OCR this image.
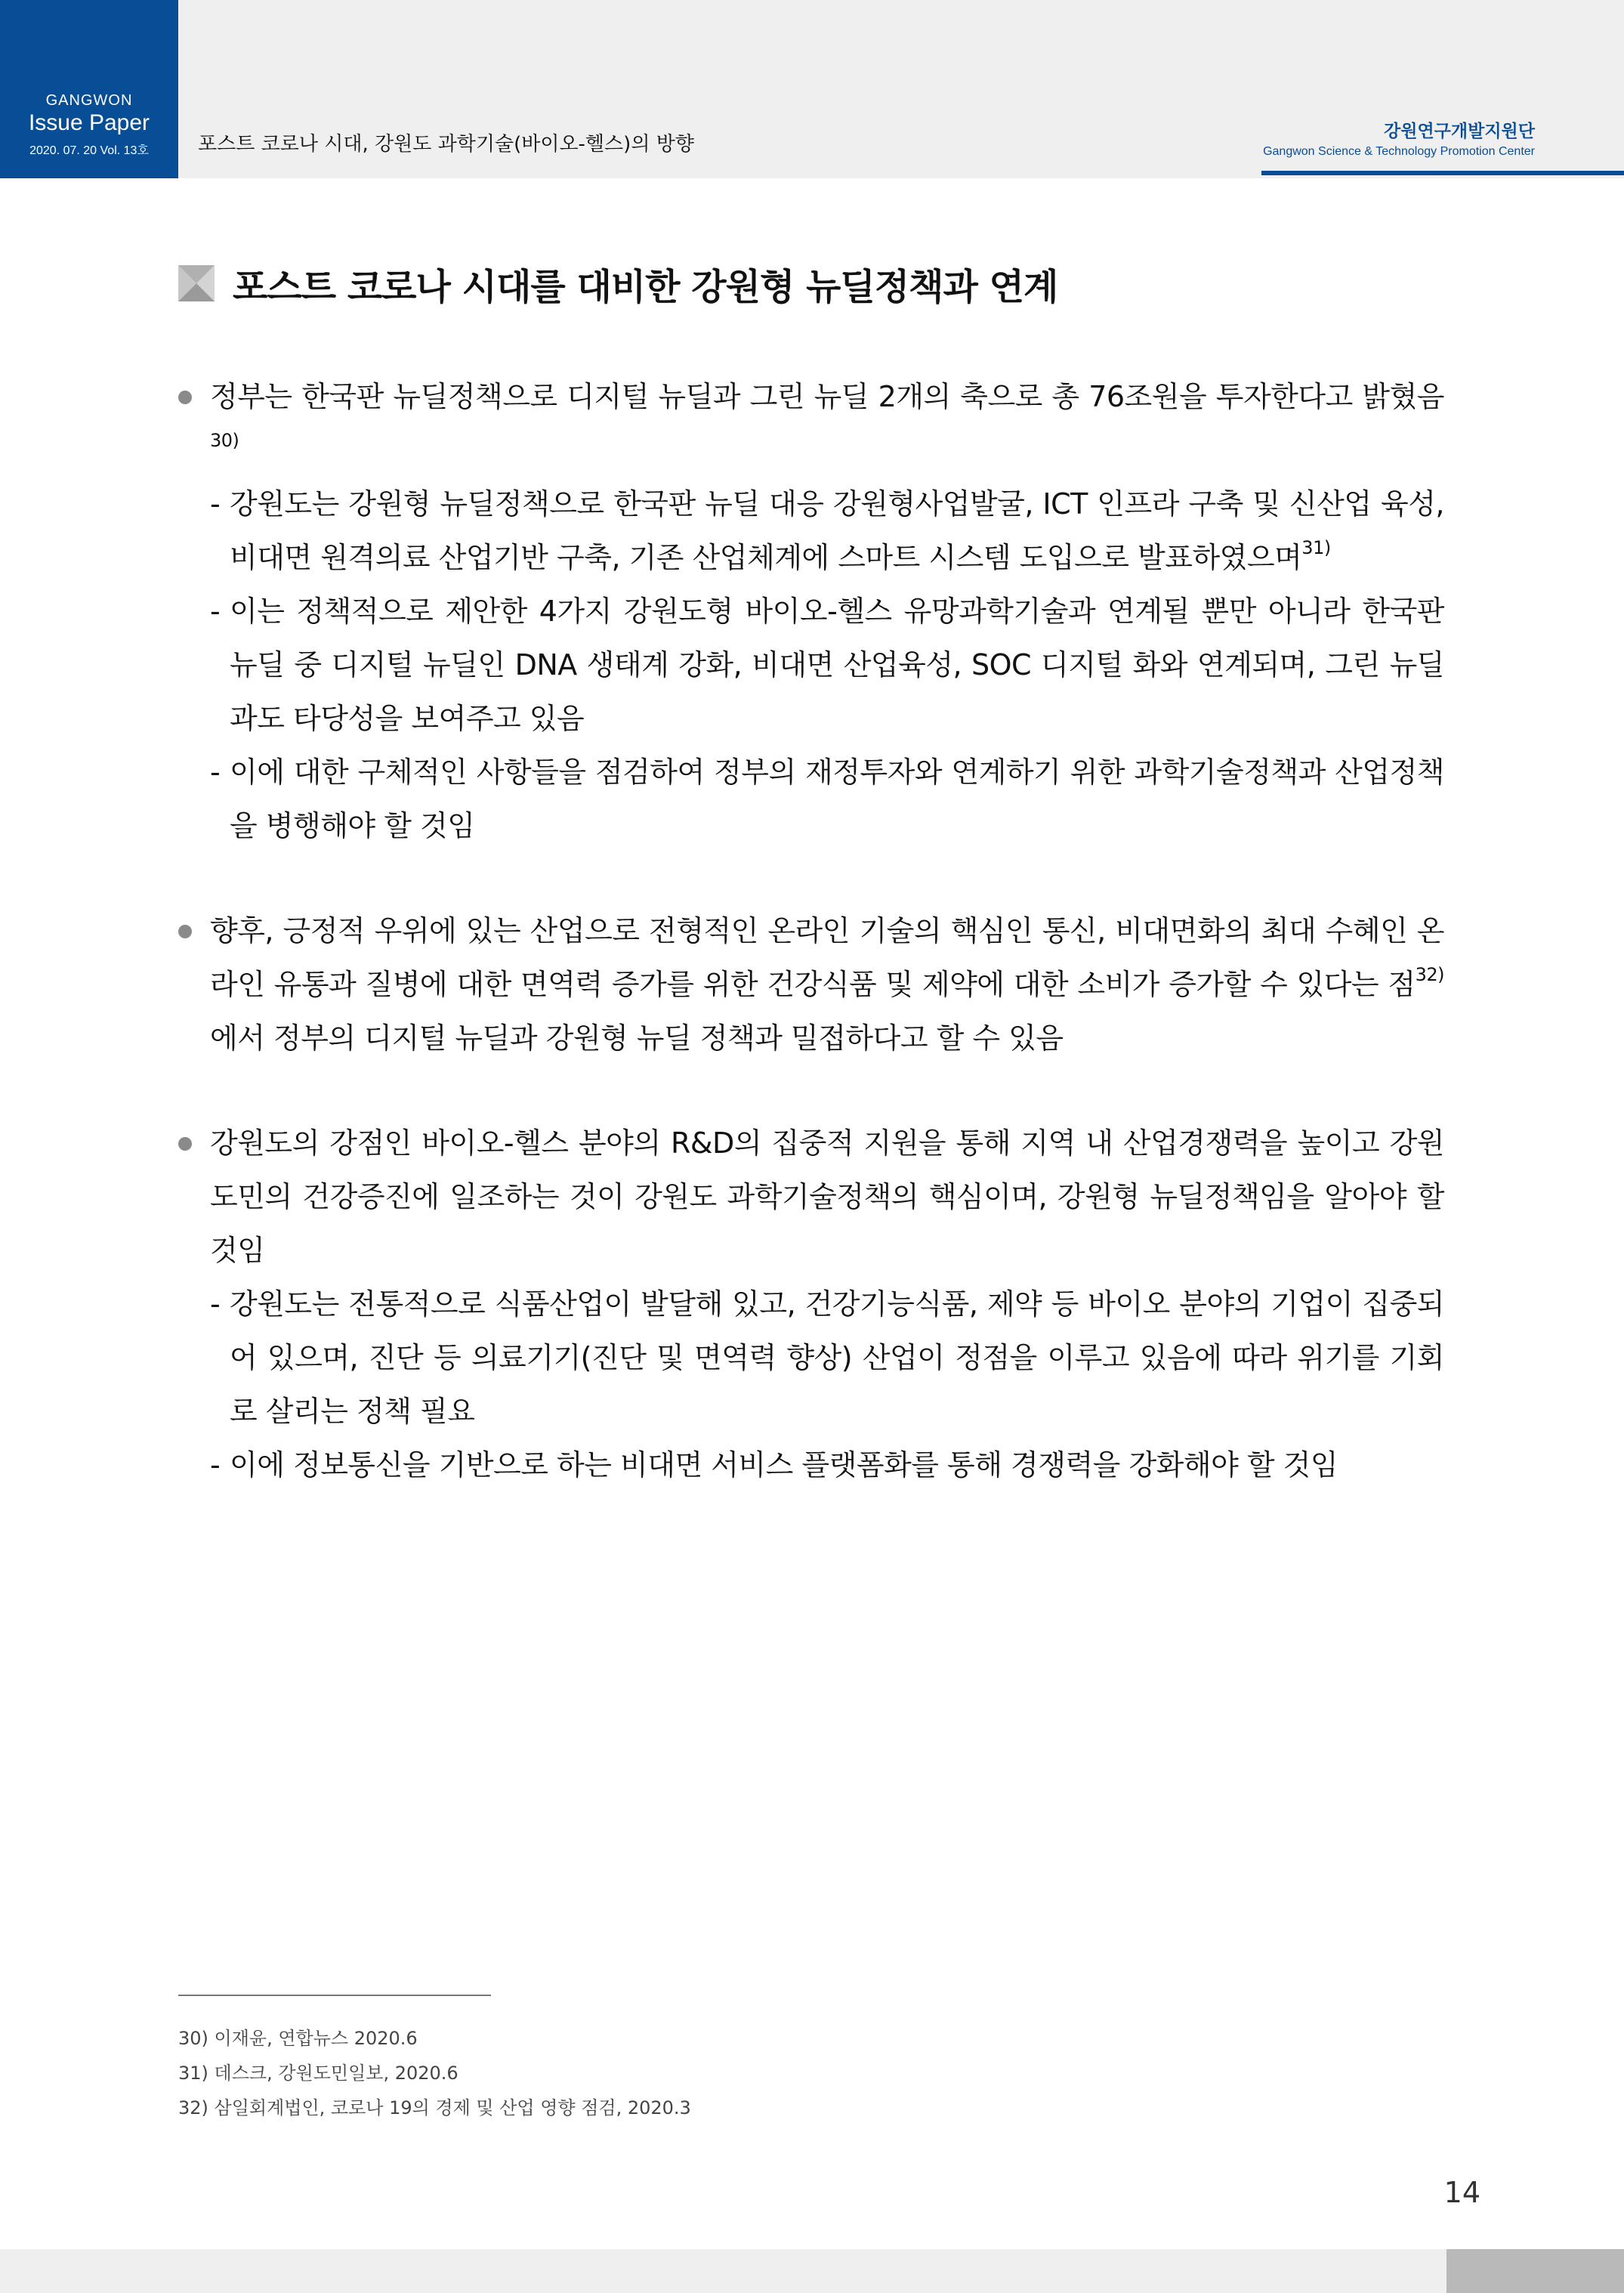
GANGWON
Issue Paper
2020. 07. 20 Vol. 13호	포스트 코로나 시대, 강원도 과학기술(바이오-헬스)의 방향
강원연구개발지원단
Gangwon Science & Technology Promotion Center
포스트 코로나 시대를 대비한 강원형 뉴딜정책과 연계
정부는 한국판 뉴딜정책으로 디지털 뉴딜과 그린 뉴딜 2개의 축으로 총 76조원을 투자한다고 밝혔음$^{30)}$
- 강원도는 강원형 뉴딜정책으로 한국판 뉴딜 대응 강원형사업발굴, ICT 인프라 구축 및 신산업 육성, 비대면 원격의료 산업기반 구축, 기존 산업체계에 스마트 시스템 도입으로 발표하였으며$^{31)}$
- 이는 정책적으로 제안한 4가지 강원도형 바이오-헬스 유망과학기술과 연계될 뿐만 아니라 한국판 뉴딜 중 디지털 뉴딜인 DNA 생태계 강화, 비대면 산업육성, SOC 디지털 화와 연계되며, 그린 뉴딜과도 타당성을 보여주고 있음
- 이에 대한 구체적인 사항들을 점검하여 정부의 재정투자와 연계하기 위한 과학기술정책과 산업정책을 병행해야 할 것임
향후, 긍정적 우위에 있는 산업으로 전형적인 온라인 기술의 핵심인 통신, 비대면화의 최대 수혜인 온라인 유통과 질병에 대한 면역력 증가를 위한 건강식품 및 제약에 대한 소비가 증가할 수 있다는 점$^{32)}$에서 정부의 디지털 뉴딜과 강원형 뉴딜 정책과 밀접하다고 할 수 있음
강원도의 강점인 바이오-헬스 분야의 R&D의 집중적 지원을 통해 지역 내 산업경쟁력을 높이고 강원도민의 건강증진에 일조하는 것이 강원도 과학기술정책의 핵심이며, 강원형 뉴딜정책임을 알아야 할 것임
- 강원도는 전통적으로 식품산업이 발달해 있고, 건강기능식품, 제약 등 바이오 분야의 기업이 집중되어 있으며, 진단 등 의료기기(진단 및 면역력 향상) 산업이 정점을 이루고 있음에 따라 위기를 기회로 살리는 정책 필요
- 이에 정보통신을 기반으로 하는 비대면 서비스 플랫폼화를 통해 경쟁력을 강화해야 할 것임
30) 이재윤, 연합뉴스 2020.6
31) 데스크, 강원도민일보, 2020.6
32) 삼일회계법인, 코로나 19의 경제 및 산업 영향 점검, 2020.3
14
